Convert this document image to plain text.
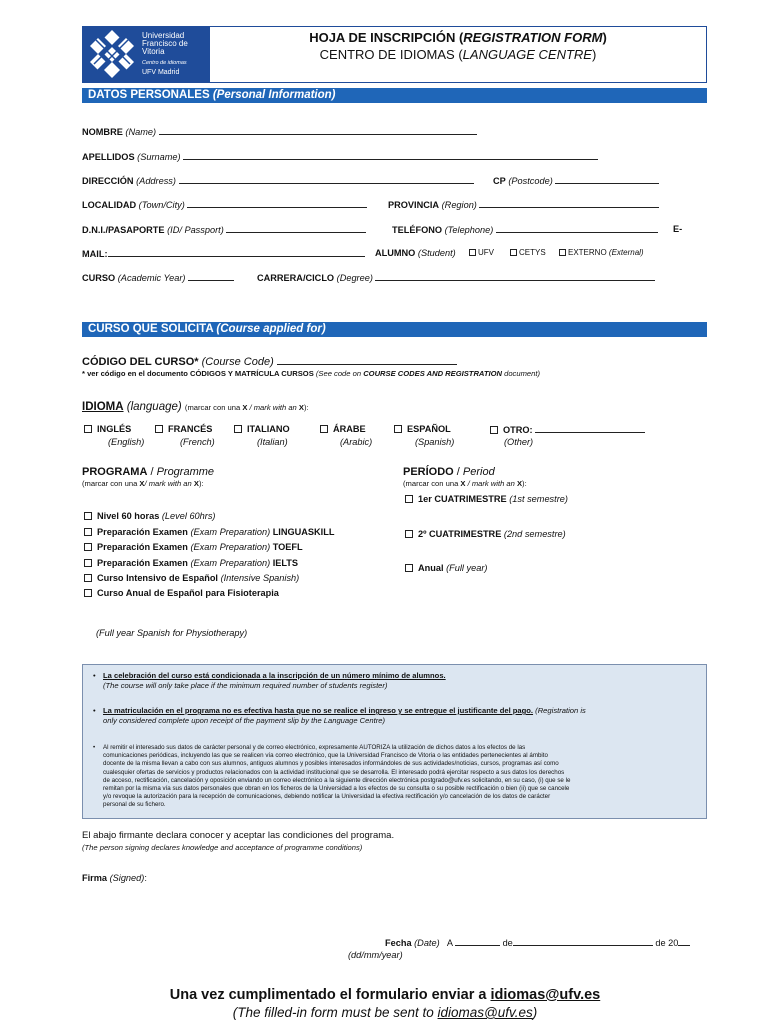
Universidad
Francisco de
Vitoria
Centro de idiomas
UFV Madrid
HOJA DE INSCRIPCIÓN (REGISTRATION FORM)
CENTRO DE IDIOMAS (LANGUAGE CENTRE)
DATOS PERSONALES (Personal Information)
NOMBRE (Name)
APELLIDOS (Surname)
DIRECCIÓN (Address)	CP (Postcode)
LOCALIDAD (Town/City)	PROVINCIA (Region)
D.N.I./PASAPORTE (ID/ Passport)	TELÉFONO (Telephone)	E-
MAIL:	ALUMNO (Student)	UFV	CETYS	EXTERNO (External)
CURSO (Academic Year)	CARRERA/CICLO (Degree)
CURSO QUE SOLICITA (Course applied for)
CÓDIGO DEL CURSO* (Course Code)
* ver código en el documento CÓDIGOS Y MATRÍCULA CURSOS (See code on COURSE CODES AND REGISTRATION document)
IDIOMA (language) (marcar con una X / mark with an X):
INGLÉS
(English)
FRANCÉS
(French)
ITALIANO
(Italian)
ÁRABE
(Arabic)
ESPAÑOL
(Spanish)
OTRO:
(Other)
PROGRAMA / Programme
(marcar con una X/ mark with an X):
Nivel 60 horas (Level 60hrs)
Preparación Examen (Exam Preparation) LINGUASKILL
Preparación Examen (Exam Preparation) TOEFL
Preparación Examen (Exam Preparation) IELTS
Curso Intensivo de Español (Intensive Spanish)
Curso Anual de Español para Fisioterapia
(Full year Spanish for Physiotherapy)
PERÍODO / Period
(marcar con una X / mark with an X):
1er CUATRIMESTRE (1st semestre)
2º CUATRIMESTRE (2nd semestre)
Anual (Full year)
• La celebración del curso está condicionada a la inscripción de un número mínimo de alumnos.
(The course will only take place if the minimum required number of students register)
• La matriculación en el programa no es efectiva hasta que no se realice el ingreso y se entregue el justificante del pago. (Registration is
only considered complete upon receipt of the payment slip by the Language Centre)
•	Al remitir el interesado sus datos de carácter personal y de correo electrónico, expresamente AUTORIZA la utilización de dichos datos a los efectos de las
comunicaciones periódicas, incluyendo las que se realicen vía correo electrónico, que la Universidad Francisco de Vitoria o las entidades pertenecientes al ámbito
docente de la misma llevan a cabo con sus alumnos, antiguos alumnos y posibles interesados informándoles de sus actividades/noticias, cursos, programas así como
cualesquier ofertas de servicios y productos relacionados con la actividad institucional que se desarrolla. El interesado podrá ejercitar respecto a sus datos los derechos
de acceso, rectificación, cancelación y oposición enviando un correo electrónico a la siguiente dirección electrónica postgrado@ufv.es solicitando, en su caso, (i) que se le
remitan por la misma vía sus datos personales que obran en los ficheros de la Universidad a los efectos de su consulta o su posible rectificación o bien (ii) que se cancele
y/o revoque la autorización para la recepción de comunicaciones, debiendo notificar la Universidad la efectiva rectificación y/o cancelación de los datos de carácter
personal de su fichero.
El abajo firmante declara conocer y aceptar las condiciones del programa.
(The person signing declares knowledge and acceptance of programme conditions)
Firma (Signed):
Fecha (Date) A	de	de 20
(dd/mm/year)
Una vez cumplimentado el formulario enviar a idiomas@ufv.es
(The filled-in form must be sent to idiomas@ufv.es)
